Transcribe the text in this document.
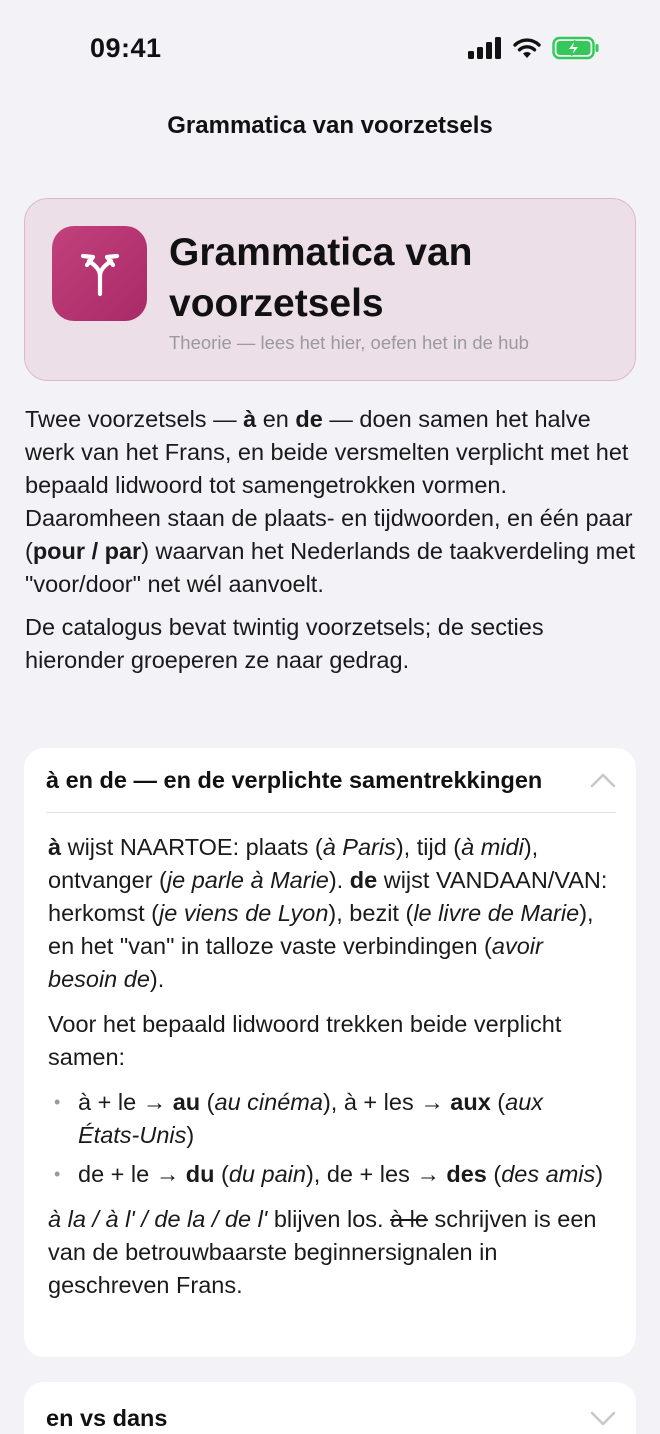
09:41
Grammatica van voorzetsels
Grammatica van voorzetsels
Theorie — lees het hier, oefen het in de hub

Twee voorzetsels — à en de — doen samen het halve werk van het Frans, en beide versmelten verplicht met het bepaald lidwoord tot samengetrokken vormen. Daaromheen staan de plaats- en tijdwoorden, en één paar (pour / par) waarvan het Nederlands de taakverdeling met "voor/door" net wél aanvoelt.

De catalogus bevat twintig voorzetsels; de secties hieronder groeperen ze naar gedrag.

à en de — en de verplichte samentrekkingen

à wijst NAARTOE: plaats (à Paris), tijd (à midi), ontvanger (je parle à Marie). de wijst VANDAAN/VAN: herkomst (je viens de Lyon), bezit (le livre de Marie), en het "van" in talloze vaste verbindingen (avoir besoin de).

Voor het bepaald lidwoord trekken beide verplicht samen:

• à + le → au (au cinéma), à + les → aux (aux États-Unis)
• de + le → du (du pain), de + les → des (des amis)

à la / à l' / de la / de l' blijven los. à le schrijven is een van de betrouwbaarste beginnersignalen in geschreven Frans.

en vs dans
